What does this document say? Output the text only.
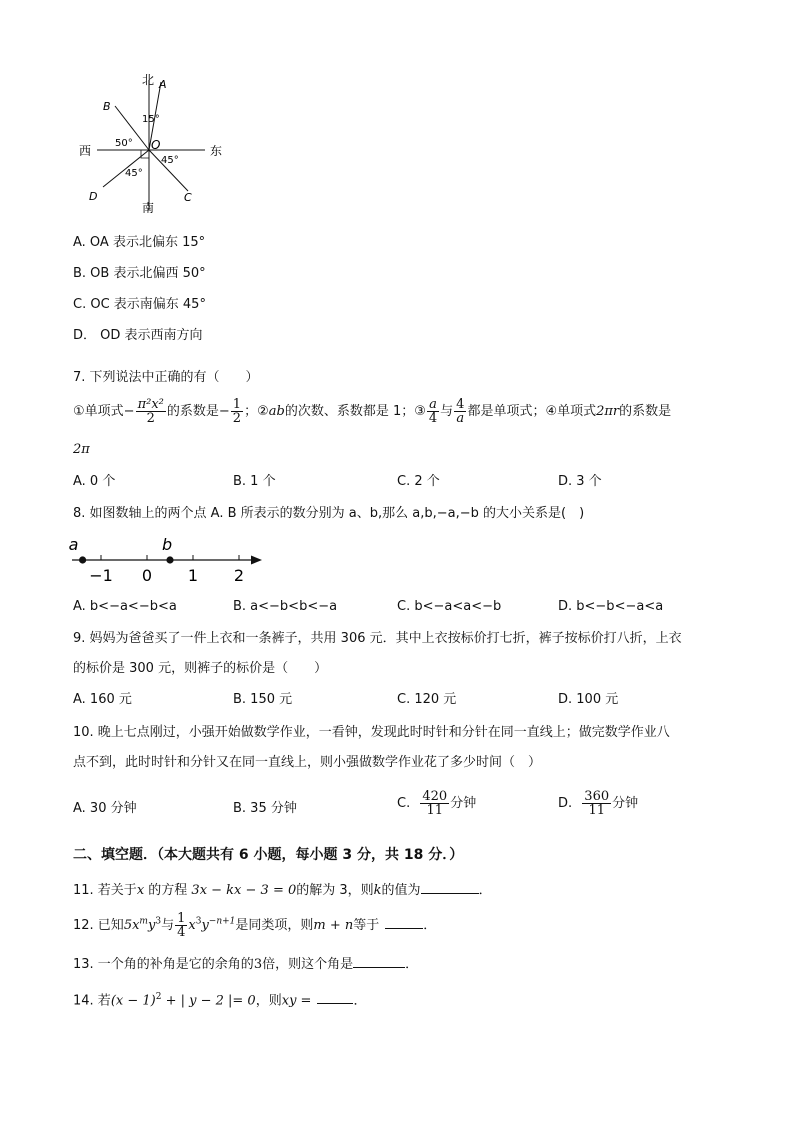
北
南
东
西
A
B
C
D
O
15°
50°
45°
45°
A. OA 表示北偏东 15°
B. OB 表示北偏西 50°
C. OC 表示南偏东 45°
D． OD 表示西南方向
7. 下列说法中正确的有（　　）
①单项式− $\frac{\text{π²x²}}{2}$ 的系数是− $\frac{1}{2}$ ；②ab的次数、系数都是 1；③ $\frac{a}{4}$ 与 $\frac{4}{a}$ 都是单项式；④单项式2πr的系数是
2π
A. 0 个	B. 1 个	C. 2 个	D. 3 个
8. 如图数轴上的两个点 A. B 所表示的数分别为 a、b,那么 a,b,−a,−b 的大小关系是(　)
−1 0 1 2
a	b
A. b<−a<−b<a	B. a<−b<b<−a	C. b<−a<a<−b	D. b<−b<−a<a
9. 妈妈为爸爸买了一件上衣和一条裤子，共用 306 元．其中上衣按标价打七折，裤子按标价打八折，上衣
的标价是 300 元，则裤子的标价是（　　）
A. 160 元	B. 150 元	C. 120 元	D. 100 元
10. 晚上七点刚过，小强开始做数学作业，一看钟，发现此时时针和分针在同一直线上；做完数学作业八
点不到，此时时针和分针又在同一直线上，则小强做数学作业花了多少时间（　）
A. 30 分钟	B. 35 分钟	C. $\frac{420}{11}$ 分钟	D. $\frac{360}{11}$ 分钟
二、填空题．（本大题共有 6 小题，每小题 3 分，共 18 分．）
11. 若关于x 的方程 3x − kx − 3 = 0的解为 3，则k的值为	．
12. 已知$5x^my^3$与 $\frac{1}{4} x^3y^{-n+1}$是同类项，则m + n等于	．
13. 一个角的补角是它的余角的3倍，则这个角是	．
14. 若$(x - 1)^2$ + | y − 2 |= 0，则xy =	．
